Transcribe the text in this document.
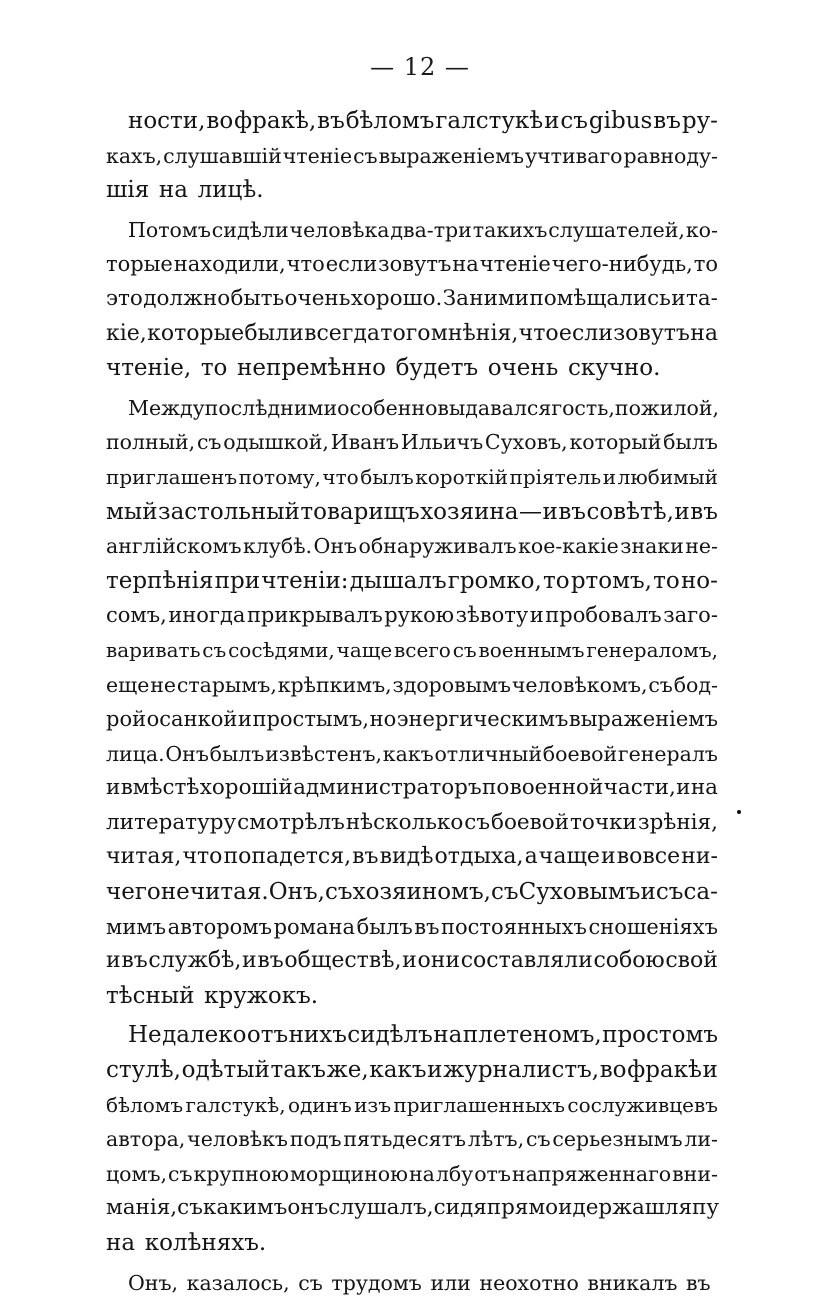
— 12 —
ности, во фракѣ, въ бѣломъ галстукѣ и съ gibus въ ру-
кахъ, слушавшій чтеніе съ выраженіемъ учтиваго равноду-
шія на лицѣ.
Потомъ сидѣли человѣка два-три такихъ слушателей, ко-
торые находили, что если зовутъ на чтеніе чего-нибудь, то
это должно быть очень хорошо. За ними помѣщались и та-
кіе, которые были всегда того мнѣнія, что если зовутъ на
чтеніе, то непремѣнно будетъ очень скучно.
Между послѣдними особенно выдавался гость, пожилой,
полный, съ одышкой, Иванъ Ильичъ Суховъ, который былъ
приглашенъ потому, что былъ короткій пріятель и любимый
мый застольный товарищъ хозяина — и въ совѣтѣ, и въ
англійскомъ клубѣ. Онъ обнаруживалъ кое-какіе знаки не-
терпѣнія при чтеніи: дышалъ громко, то ртомъ, то но-
сомъ, иногда прикрывалъ рукою зѣвоту и пробовалъ заго-
варивать съ сосѣдями, чаще всего съ военнымъ генераломъ,
еще не старымъ, крѣпкимъ, здоровымъ человѣкомъ, съ бод-
рой осанкой и простымъ, но энергическимъ выраженіемъ
лица. Онъ былъ извѣстенъ, какъ отличный боевой генералъ
и вмѣстѣ хорошій администраторъ по военной части, и на
литературу смотрѣлъ нѣсколько съ боевой точки зрѣнія,
читая, что попадется, въ видѣ отдыха, а чаще и вовсе ни-
чего не читая. Онъ, съ хозяиномъ, съ Суховымъ и съ са-
мимъ авторомъ романа былъ въ постоянныхъ сношеніяхъ
и въ службѣ, и въ обществѣ, и они составляли собою свой
тѣсный кружокъ.
Не далеко отъ нихъ сидѣлъ на плетеномъ, простомъ
стулѣ, одѣтый такъ же, какъ и журналистъ, во фракѣ и
бѣломъ галстукѣ, одинъ изъ приглашенныхъ сослуживцевъ
автора, человѣкъ подъ пятьдесятъ лѣтъ, съ серьезнымъ ли-
цомъ, съ крупною морщиною на лбу отъ напряженнаго вни-
манія, съ какимъ онъ слушалъ, сидя прямо и держа шляпу
на колѣняхъ.
Онъ, казалось, съ трудомъ или неохотно вникалъ въ
